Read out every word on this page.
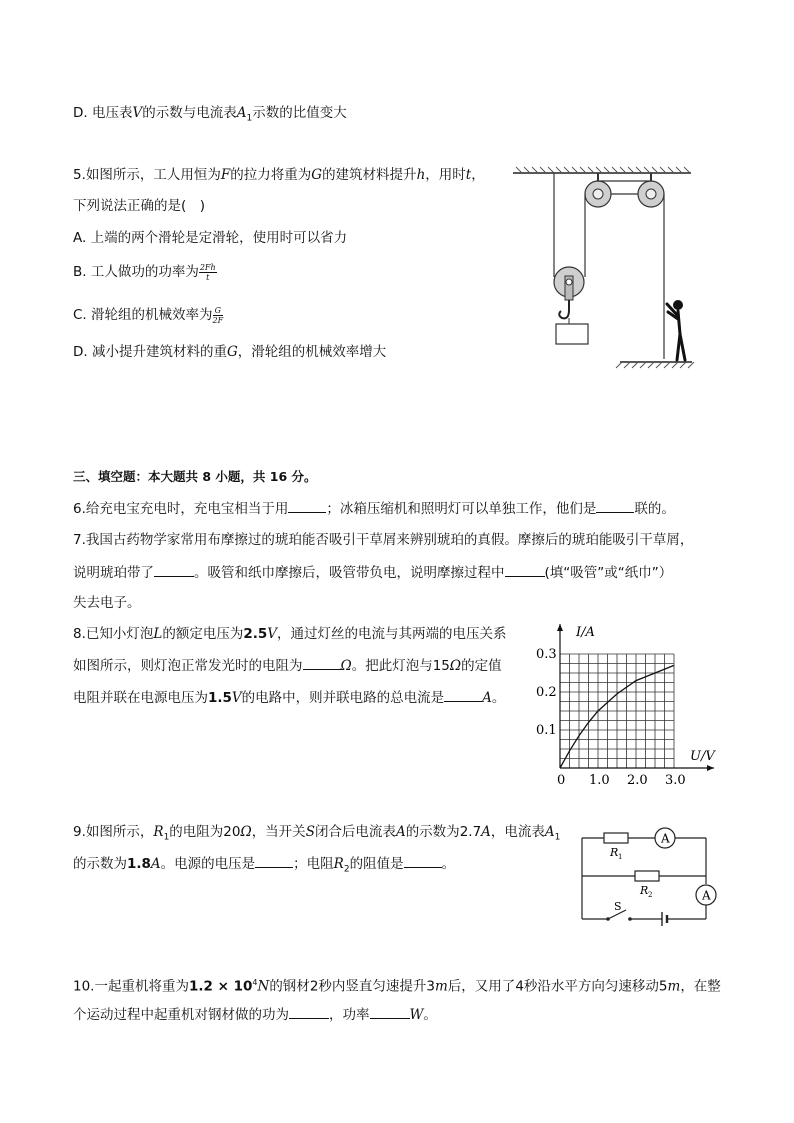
D. 电压表V的示数与电流表$A_1$示数的比值变大
5.如图所示，工人用恒为F的拉力将重为G的建筑材料提升h，用时t，
下列说法正确的是(　)
A. 上端的两个滑轮是定滑轮，使用时可以省力
B. 工人做功的功率为 $\frac{2Fh}{t}$
C. 滑轮组的机械效率为 $\frac{G}{2F}$
D. 减小提升建筑材料的重G，滑轮组的机械效率增大
三、填空题：本大题共 8 小题，共 16 分。
6.给充电宝充电时，充电宝相当于用	；冰箱压缩机和照明灯可以单独工作，他们是	联的。
7.我国古药物学家常用布摩擦过的琥珀能否吸引干草屑来辨别琥珀的真假。摩擦后的琥珀能吸引干草屑，
说明琥珀带了	。吸管和纸巾摩擦后，吸管带负电，说明摩擦过程中	(填“吸管”或“纸巾”）
失去电子。
8.已知小灯泡L的额定电压为2.5V，通过灯丝的电流与其两端的电压关系
如图所示，则灯泡正常发光时的电阻为	Ω。把此灯泡与15Ω的定值
电阻并联在电源电压为1.5V的电路中，则并联电路的总电流是	A。
0 1.0 2.0 3.0
0.1
0.2
0.3
I/A
U/V
9.如图所示，$R_1$的电阻为20Ω，当开关S闭合后电流表A的示数为2.7A，电流表$A_1$
的示数为1.8A。电源的电压是	；电阻$R_2$的阻值是	。
A
A
R 1
R 2
S
10.一起重机将重为$1.2 \times 10^4N$的钢材2秒内竖直匀速提升3m后，又用了4秒沿水平方向匀速移动5m，在整
个运动过程中起重机对钢材做的功为	，功率	W。
